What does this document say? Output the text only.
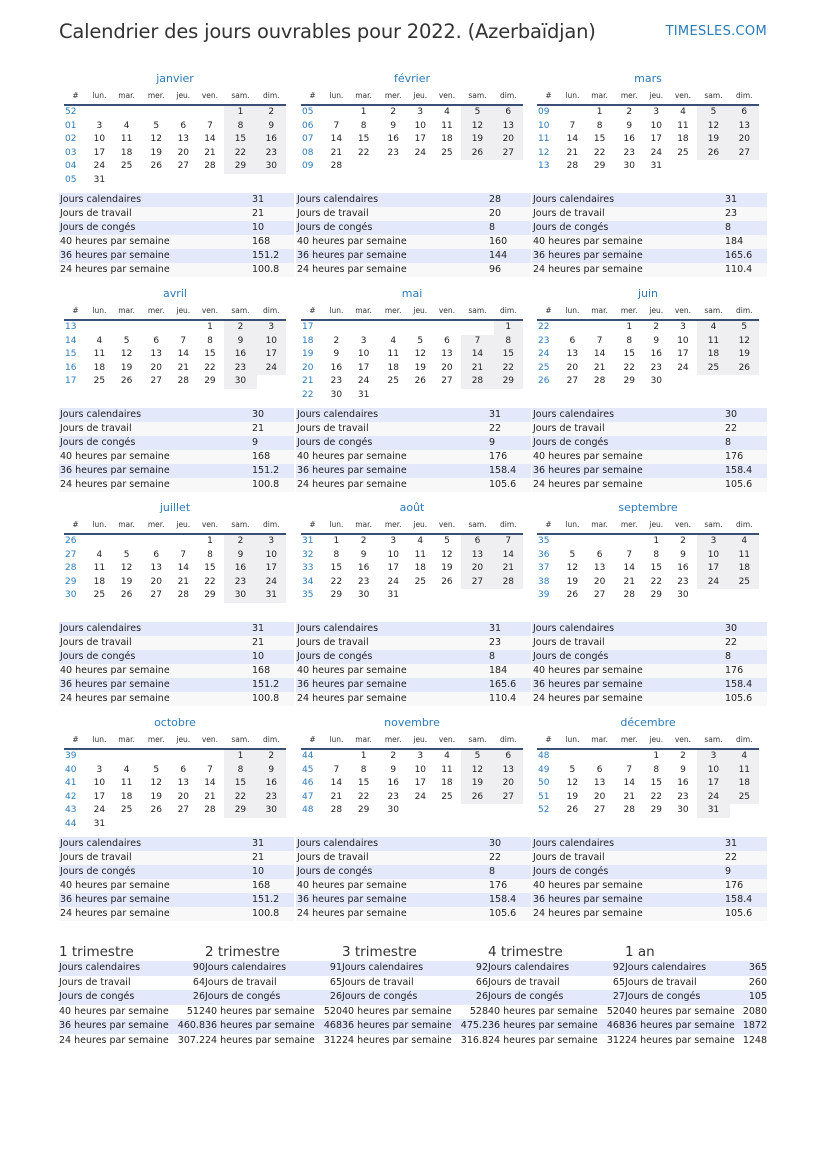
Calendrier des jours ouvrables pour 2022. (Azerbaïdjan)	TIMESLES.COM
janvier
#	lun.	mar.	mer.	jeu.	ven.	sam.	dim.
52						1	2
01	3	4	5	6	7	8	9
02	10	11	12	13	14	15	16
03	17	18	19	20	21	22	23
04	24	25	26	27	28	29	30
05	31						
Jours calendaires	31
Jours de travail	21
Jours de congés	10
40 heures par semaine	168
36 heures par semaine	151.2
24 heures par semaine	100.8
février
#	lun.	mar.	mer.	jeu.	ven.	sam.	dim.
05		1	2	3	4	5	6
06	7	8	9	10	11	12	13
07	14	15	16	17	18	19	20
08	21	22	23	24	25	26	27
09	28						
Jours calendaires	28
Jours de travail	20
Jours de congés	8
40 heures par semaine	160
36 heures par semaine	144
24 heures par semaine	96
mars
#	lun.	mar.	mer.	jeu.	ven.	sam.	dim.
09		1	2	3	4	5	6
10	7	8	9	10	11	12	13
11	14	15	16	17	18	19	20
12	21	22	23	24	25	26	27
13	28	29	30	31			
Jours calendaires	31
Jours de travail	23
Jours de congés	8
40 heures par semaine	184
36 heures par semaine	165.6
24 heures par semaine	110.4
avril
#	lun.	mar.	mer.	jeu.	ven.	sam.	dim.
13					1	2	3
14	4	5	6	7	8	9	10
15	11	12	13	14	15	16	17
16	18	19	20	21	22	23	24
17	25	26	27	28	29	30	
Jours calendaires	30
Jours de travail	21
Jours de congés	9
40 heures par semaine	168
36 heures par semaine	151.2
24 heures par semaine	100.8
mai
#	lun.	mar.	mer.	jeu.	ven.	sam.	dim.
17							1
18	2	3	4	5	6	7	8
19	9	10	11	12	13	14	15
20	16	17	18	19	20	21	22
21	23	24	25	26	27	28	29
22	30	31					
Jours calendaires	31
Jours de travail	22
Jours de congés	9
40 heures par semaine	176
36 heures par semaine	158.4
24 heures par semaine	105.6
juin
#	lun.	mar.	mer.	jeu.	ven.	sam.	dim.
22			1	2	3	4	5
23	6	7	8	9	10	11	12
24	13	14	15	16	17	18	19
25	20	21	22	23	24	25	26
26	27	28	29	30			
Jours calendaires	30
Jours de travail	22
Jours de congés	8
40 heures par semaine	176
36 heures par semaine	158.4
24 heures par semaine	105.6
juillet
#	lun.	mar.	mer.	jeu.	ven.	sam.	dim.
26					1	2	3
27	4	5	6	7	8	9	10
28	11	12	13	14	15	16	17
29	18	19	20	21	22	23	24
30	25	26	27	28	29	30	31
Jours calendaires	31
Jours de travail	21
Jours de congés	10
40 heures par semaine	168
36 heures par semaine	151.2
24 heures par semaine	100.8
août
#	lun.	mar.	mer.	jeu.	ven.	sam.	dim.
31	1	2	3	4	5	6	7
32	8	9	10	11	12	13	14
33	15	16	17	18	19	20	21
34	22	23	24	25	26	27	28
35	29	30	31				
Jours calendaires	31
Jours de travail	23
Jours de congés	8
40 heures par semaine	184
36 heures par semaine	165.6
24 heures par semaine	110.4
septembre
#	lun.	mar.	mer.	jeu.	ven.	sam.	dim.
35				1	2	3	4
36	5	6	7	8	9	10	11
37	12	13	14	15	16	17	18
38	19	20	21	22	23	24	25
39	26	27	28	29	30		
Jours calendaires	30
Jours de travail	22
Jours de congés	8
40 heures par semaine	176
36 heures par semaine	158.4
24 heures par semaine	105.6
octobre
#	lun.	mar.	mer.	jeu.	ven.	sam.	dim.
39						1	2
40	3	4	5	6	7	8	9
41	10	11	12	13	14	15	16
42	17	18	19	20	21	22	23
43	24	25	26	27	28	29	30
44	31						
Jours calendaires	31
Jours de travail	21
Jours de congés	10
40 heures par semaine	168
36 heures par semaine	151.2
24 heures par semaine	100.8
novembre
#	lun.	mar.	mer.	jeu.	ven.	sam.	dim.
44		1	2	3	4	5	6
45	7	8	9	10	11	12	13
46	14	15	16	17	18	19	20
47	21	22	23	24	25	26	27
48	28	29	30				
Jours calendaires	30
Jours de travail	22
Jours de congés	8
40 heures par semaine	176
36 heures par semaine	158.4
24 heures par semaine	105.6
décembre
#	lun.	mar.	mer.	jeu.	ven.	sam.	dim.
48				1	2	3	4
49	5	6	7	8	9	10	11
50	12	13	14	15	16	17	18
51	19	20	21	22	23	24	25
52	26	27	28	29	30	31	
Jours calendaires	31
Jours de travail	22
Jours de congés	9
40 heures par semaine	176
36 heures par semaine	158.4
24 heures par semaine	105.6
1 trimestre
Jours calendaires	90
Jours de travail	64
Jours de congés	26
40 heures par semaine 512
36 heures par semaine 460.8
24 heures par semaine 307.2
2 trimestre
Jours calendaires	91
Jours de travail	65
Jours de congés	26
40 heures par semaine 520
36 heures par semaine 468
24 heures par semaine 312
3 trimestre
Jours calendaires	92
Jours de travail	66
Jours de congés	26
40 heures par semaine 528
36 heures par semaine 475.2
24 heures par semaine 316.8
4 trimestre
Jours calendaires	92
Jours de travail	65
Jours de congés	27
40 heures par semaine 520
36 heures par semaine 468
24 heures par semaine 312
1 an
Jours calendaires	365
Jours de travail	260
Jours de congés	105
40 heures par semaine 2080
36 heures par semaine 1872
24 heures par semaine 1248
